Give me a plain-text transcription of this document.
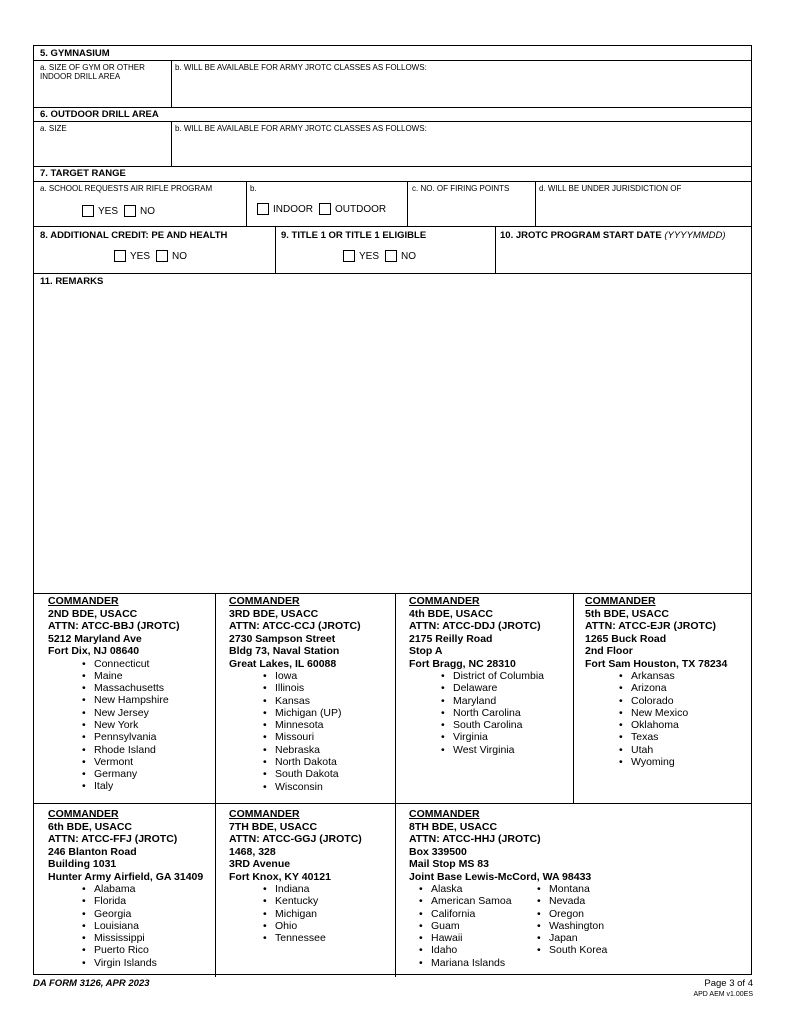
5. GYMNASIUM
a. SIZE OF GYM OR OTHER INDOOR DRILL AREA
b. WILL BE AVAILABLE FOR ARMY JROTC CLASSES AS FOLLOWS:
6. OUTDOOR DRILL AREA
a. SIZE	b. WILL BE AVAILABLE FOR ARMY JROTC CLASSES AS FOLLOWS:
7. TARGET RANGE
a. SCHOOL REQUESTS AIR RIFLE PROGRAM
YES NO
b.
INDOOR OUTDOOR
c. NO. OF FIRING POINTS	d. WILL BE UNDER JURISDICTION OF
8. ADDITIONAL CREDIT: PE AND HEALTH
YES NO
9. TITLE 1 OR TITLE 1 ELIGIBLE
YES NO
10. JROTC PROGRAM START DATE (YYYYMMDD)
11. REMARKS
COMMANDER
2ND BDE, USACC
ATTN: ATCC-BBJ (JROTC)
5212 Maryland Ave
Fort Dix, NJ 08640
• Connecticut
• Maine
• Massachusetts
• New Hampshire
• New Jersey
• New York
• Pennsylvania
• Rhode Island
• Vermont
• Germany
• Italy
COMMANDER
3RD BDE, USACC
ATTN: ATCC-CCJ (JROTC)
2730 Sampson Street
Bldg 73, Naval Station
Great Lakes, IL 60088
• Iowa
• Illinois
• Kansas
• Michigan (UP)
• Minnesota
• Missouri
• Nebraska
• North Dakota
• South Dakota
• Wisconsin
COMMANDER
4th BDE, USACC
ATTN: ATCC-DDJ (JROTC)
2175 Reilly Road
Stop A
Fort Bragg, NC 28310
• District of Columbia
• Delaware
• Maryland
• North Carolina
• South Carolina
• Virginia
• West Virginia
COMMANDER
5th BDE, USACC
ATTN: ATCC-EJR (JROTC)
1265 Buck Road
2nd Floor
Fort Sam Houston, TX 78234
• Arkansas
• Arizona
• Colorado
• New Mexico
• Oklahoma
• Texas
• Utah
• Wyoming
COMMANDER
6th BDE, USACC
ATTN: ATCC-FFJ (JROTC)
246 Blanton Road
Building 1031
Hunter Army Airfield, GA 31409
• Alabama
• Florida
• Georgia
• Louisiana
• Mississippi
• Puerto Rico
• Virgin Islands
COMMANDER
7TH BDE, USACC
ATTN: ATCC-GGJ (JROTC)
1468, 328
3RD Avenue
Fort Knox, KY 40121
• Indiana
• Kentucky
• Michigan
• Ohio
• Tennessee
COMMANDER
8TH BDE, USACC
ATTN: ATCC-HHJ (JROTC)
Box 339500
Mail Stop MS 83
Joint Base Lewis-McCord, WA 98433
• Alaska
• American Samoa
• California
• Guam
• Hawaii
• Idaho
• Mariana Islands
• Montana
• Nevada
• Oregon
• Washington
• Japan
• South Korea
DA FORM 3126, APR 2023	Page 3 of 4
APD AEM v1.00ES
